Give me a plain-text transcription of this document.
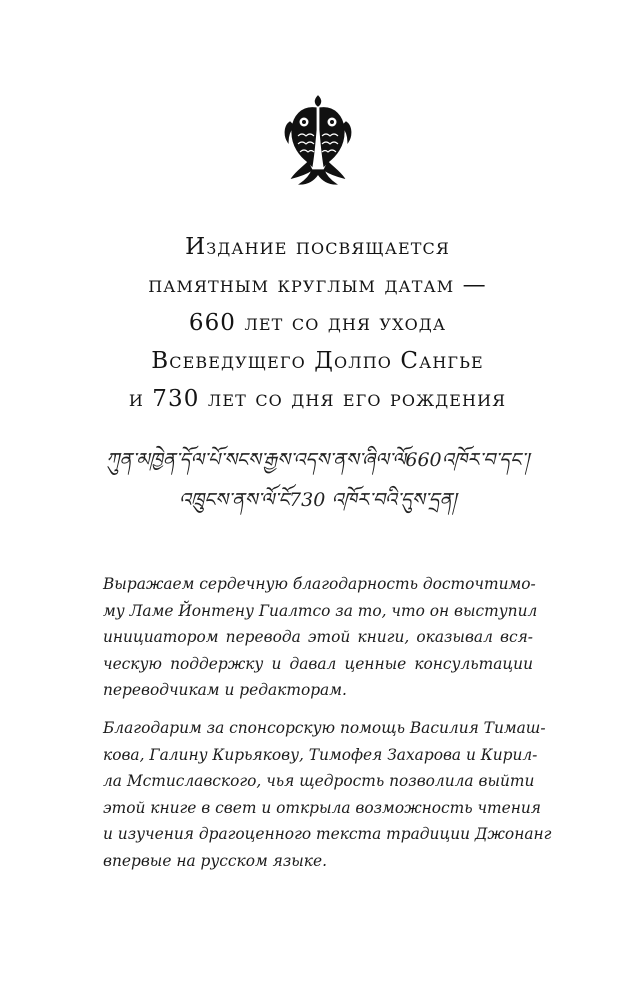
Издание посвящается
памятным круглым датам —
660 лет со дня ухода
Всеведущего Долпо Сангье
и 730 лет со дня его рождения
ཀུན་མཁྱེན་དོལ་པོ་སངས་རྒྱས་འདས་ནས་ཞིལ་ལོ660འཁོར་བ་དང་།
འཁྲུངས་ནས་ལོ་ངོ730 འཁོར་བའི་དུས་དྲན།
Выражаем сердечную благодарность досточтимо-
му Ламе Йонтену Гиалтсо за то, что он выступил
инициатором перевода этой книги, оказывал вся-
ческую поддержку и давал ценные консультации
переводчикам и редакторам.
Благодарим за спонсорскую помощь Василия Тимаш-
кова, Галину Кирьякову, Тимофея Захарова и Кирил-
ла Мстиславского, чья щедрость позволила выйти
этой книге в свет и открыла возможность чтения
и изучения драгоценного текста традиции Джонанг
впервые на русском языке.
